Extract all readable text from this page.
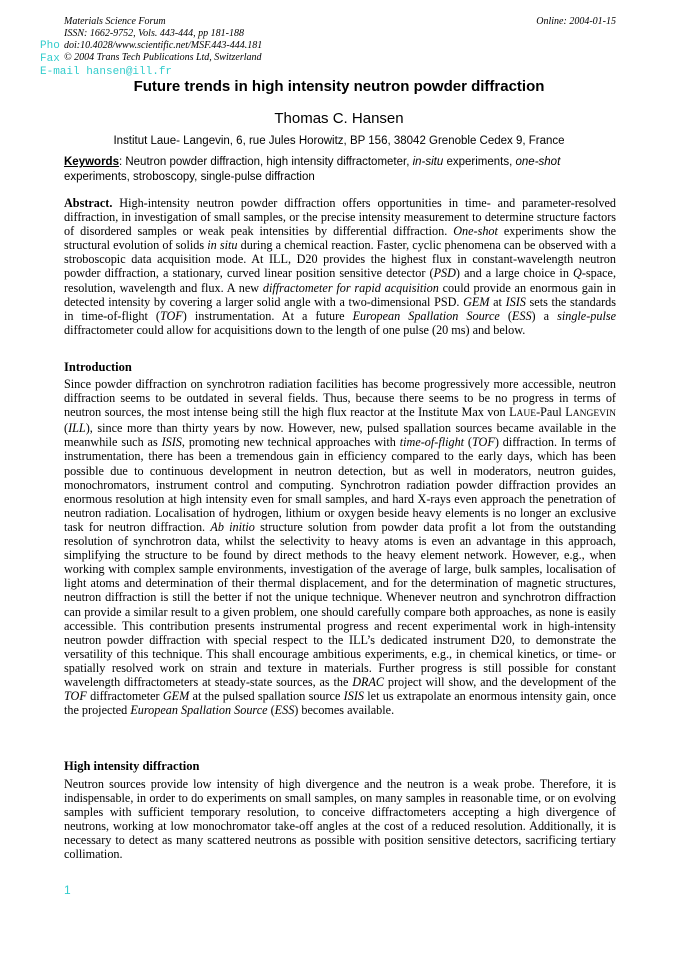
Materials Science Forum
ISSN: 1662-9752, Vols. 443-444, pp 181-188
doi:10.4028/www.scientific.net/MSF.443-444.181
© 2004 Trans Tech Publications Ltd, Switzerland
Online: 2004-01-15
Pho
Fax
E-mail hansen@ill.fr
Future trends in high intensity neutron powder diffraction
Thomas C. Hansen
Institut Laue- Langevin, 6, rue Jules Horowitz, BP 156, 38042 Grenoble Cedex 9, France
Keywords: Neutron powder diffraction, high intensity diffractometer, in-situ experiments, one-shot experiments, stroboscopy, single-pulse diffraction
Abstract. High-intensity neutron powder diffraction offers opportunities in time- and parameter-resolved diffraction, in investigation of small samples, or the precise intensity measurement to determine structure factors of disordered samples or weak peak intensities by differential diffraction. One-shot experiments show the structural evolution of solids in situ during a chemical reaction. Faster, cyclic phenomena can be observed with a stroboscopic data acquisition mode. At ILL, D20 provides the highest flux in constant-wavelength neutron powder diffraction, a stationary, curved linear position sensitive detector (PSD) and a large choice in Q-space, resolution, wavelength and flux. A new diffractometer for rapid acquisition could provide an enormous gain in detected intensity by covering a larger solid angle with a two-dimensional PSD. GEM at ISIS sets the standards in time-of-flight (TOF) instrumentation. At a future European Spallation Source (ESS) a single-pulse diffractometer could allow for acquisitions down to the length of one pulse (20 ms) and below.
Introduction
Since powder diffraction on synchrotron radiation facilities has become progressively more accessible, neutron diffraction seems to be outdated in several fields. Thus, because there seems to be no progress in terms of neutron sources, the most intense being still the high flux reactor at the Institute Max von LAUE-Paul LANGEVIN (ILL), since more than thirty years by now. However, new, pulsed spallation sources became available in the meanwhile such as ISIS, promoting new technical approaches with time-of-flight (TOF) diffraction. In terms of instrumentation, there has been a tremendous gain in efficiency compared to the early days, which has been possible due to continuous development in neutron detection, but as well in moderators, neutron guides, monochromators, instrument control and computing. Synchrotron radiation powder diffraction provides an enormous resolution at high intensity even for small samples, and hard X-rays even approach the penetration of neutron radiation. Localisation of hydrogen, lithium or oxygen beside heavy elements is no longer an exclusive task for neutron diffraction. Ab initio structure solution from powder data profit a lot from the outstanding resolution of synchrotron data, whilst the selectivity to heavy atoms is even an advantage in this approach, simplifying the structure to be found by direct methods to the heavy element network. However, e.g., when working with complex sample environments, investigation of the average of large, bulk samples, localisation of light atoms and determination of their thermal displacement, and for the determination of magnetic structures, neutron diffraction is still the better if not the unique technique. Whenever neutron and synchrotron diffraction can provide a similar result to a given problem, one should carefully compare both approaches, as none is easily accessible. This contribution presents instrumental progress and recent experimental work in high-intensity neutron powder diffraction with special respect to the ILL’s dedicated instrument D20, to demonstrate the versatility of this technique. This shall encourage ambitious experiments, e.g., in chemical kinetics, or time- or spatially resolved work on strain and texture in materials. Further progress is still possible for constant wavelength diffractometers at steady-state sources, as the DRAC project will show, and the development of the TOF diffractometer GEM at the pulsed spallation source ISIS let us extrapolate an enormous intensity gain, once the projected European Spallation Source (ESS) becomes available.
High intensity diffraction
Neutron sources provide low intensity of high divergence and the neutron is a weak probe. Therefore, it is indispensable, in order to do experiments on small samples, on many samples in reasonable time, or on evolving samples with sufficient temporary resolution, to conceive diffractometers accepting a high divergence of neutrons, working at low monochromator take-off angles at the cost of a reduced resolution. Additionally, it is necessary to detect as many scattered neutrons as possible with position sensitive detectors, sacrificing tertiary collimation.
1
